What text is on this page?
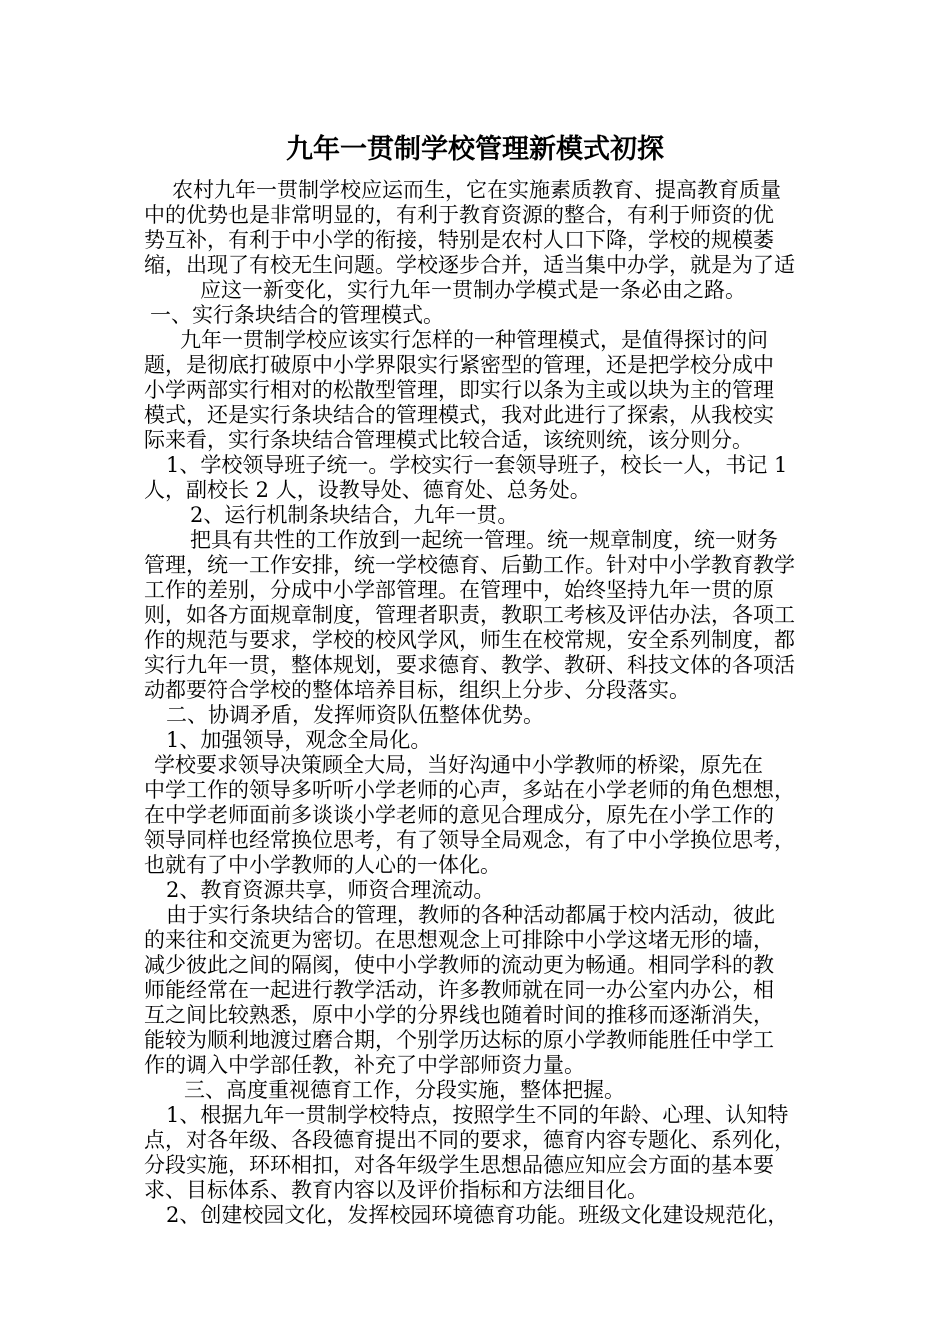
九年一贯制学校管理新模式初探
农村九年一贯制学校应运而生，它在实施素质教育、提高教育质量
中的优势也是非常明显的，有利于教育资源的整合，有利于师资的优
势互补，有利于中小学的衔接，特别是农村人口下降，学校的规模萎
缩，出现了有校无生问题。学校逐步合并，适当集中办学，就是为了适
应这一新变化，实行九年一贯制办学模式是一条必由之路。
一、实行条块结合的管理模式。
九年一贯制学校应该实行怎样的一种管理模式，是值得探讨的问
题，是彻底打破原中小学界限实行紧密型的管理，还是把学校分成中
小学两部实行相对的松散型管理，即实行以条为主或以块为主的管理
模式，还是实行条块结合的管理模式，我对此进行了探索，从我校实
际来看，实行条块结合管理模式比较合适，该统则统，该分则分。
1、学校领导班子统一。学校实行一套领导班子，校长一人，书记 1
人，副校长 2 人，设教导处、德育处、总务处。
2、运行机制条块结合，九年一贯。
把具有共性的工作放到一起统一管理。统一规章制度，统一财务
管理，统一工作安排，统一学校德育、后勤工作。针对中小学教育教学
工作的差别，分成中小学部管理。在管理中，始终坚持九年一贯的原
则，如各方面规章制度，管理者职责，教职工考核及评估办法，各项工
作的规范与要求，学校的校风学风，师生在校常规，安全系列制度，都
实行九年一贯，整体规划，要求德育、教学、教研、科技文体的各项活
动都要符合学校的整体培养目标，组织上分步、分段落实。
二、协调矛盾，发挥师资队伍整体优势。
1、加强领导，观念全局化。
学校要求领导决策顾全大局，当好沟通中小学教师的桥梁，原先在
中学工作的领导多听听小学老师的心声，多站在小学老师的角色想想，
在中学老师面前多谈谈小学老师的意见合理成分，原先在小学工作的
领导同样也经常换位思考，有了领导全局观念，有了中小学换位思考，
也就有了中小学教师的人心的一体化。
2、教育资源共享，师资合理流动。
由于实行条块结合的管理，教师的各种活动都属于校内活动，彼此
的来往和交流更为密切。在思想观念上可排除中小学这堵无形的墙，
减少彼此之间的隔阂，使中小学教师的流动更为畅通。相同学科的教
师能经常在一起进行教学活动，许多教师就在同一办公室内办公，相
互之间比较熟悉，原中小学的分界线也随着时间的推移而逐渐消失，
能较为顺利地渡过磨合期，个别学历达标的原小学教师能胜任中学工
作的调入中学部任教，补充了中学部师资力量。
三、高度重视德育工作，分段实施，整体把握。
1、根据九年一贯制学校特点，按照学生不同的年龄、心理、认知特
点，对各年级、各段德育提出不同的要求，德育内容专题化、系列化，
分段实施，环环相扣，对各年级学生思想品德应知应会方面的基本要
求、目标体系、教育内容以及评价指标和方法细目化。
2、创建校园文化，发挥校园环境德育功能。班级文化建设规范化，
